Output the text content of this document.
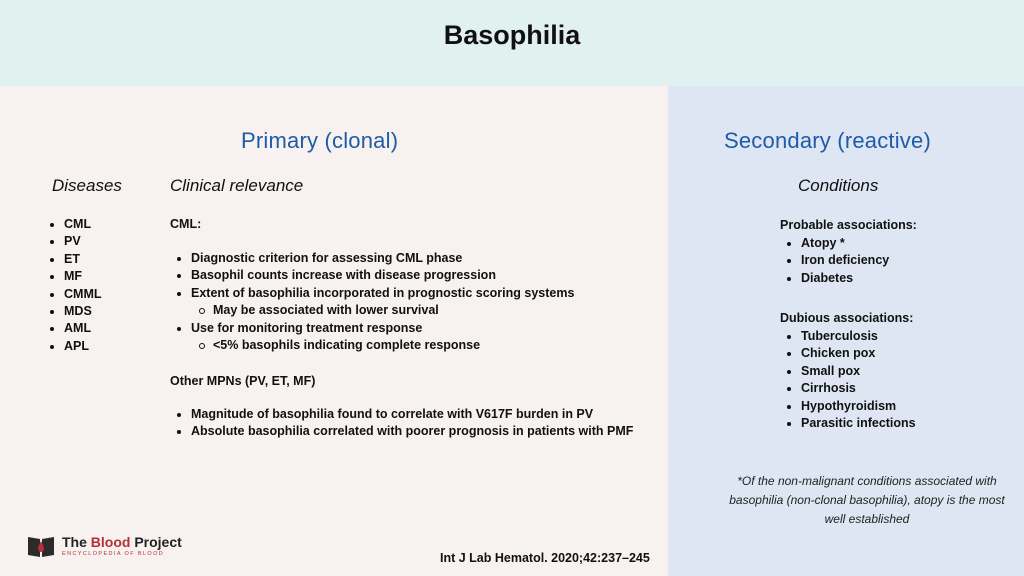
Basophilia
Primary (clonal)
Diseases	Clinical relevance
CML
PV
ET
MF
CMML
MDS
AML
APL
CML:
Diagnostic criterion for assessing CML phase
Basophil counts increase with disease progression
Extent of basophilia incorporated in prognostic scoring systems
May be associated with lower survival
Use for monitoring treatment response
<5% basophils indicating complete response
Other MPNs (PV, ET, MF)
Magnitude of basophilia found to correlate with V617F burden in PV
Absolute basophilia correlated with poorer prognosis in patients with PMF
Secondary (reactive)
Conditions
Probable associations:
Atopy *
Iron deficiency
Diabetes
Dubious associations:
Tuberculosis
Chicken pox
Small pox
Cirrhosis
Hypothyroidism
Parasitic infections
*Of the non-malignant conditions associated with basophilia (non-clonal basophilia), atopy is the most well established
The Blood Project
ENCYCLOPEDIA OF BLOOD	Int J Lab Hematol. 2020;42:237–245
